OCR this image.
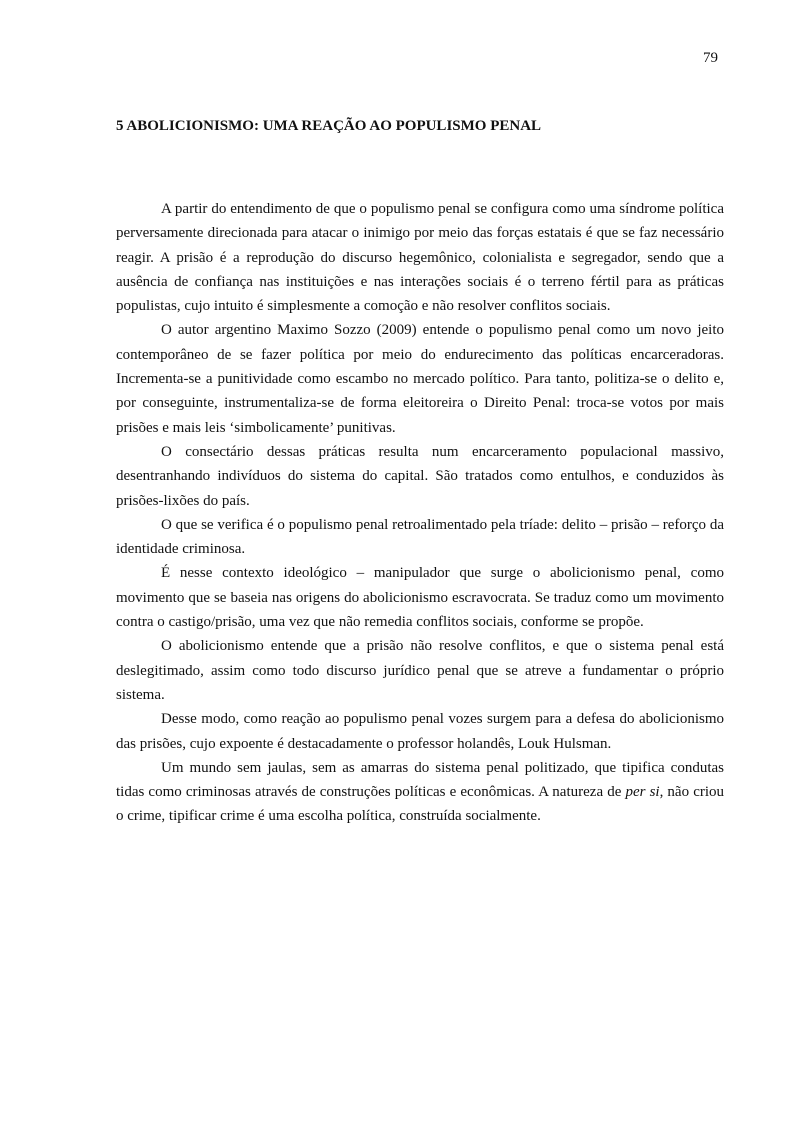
79
5 ABOLICIONISMO: UMA REAÇÃO AO POPULISMO PENAL

A partir do entendimento de que o populismo penal se configura como uma síndrome política perversamente direcionada para atacar o inimigo por meio das forças estatais é que se faz necessário reagir. A prisão é a reprodução do discurso hegemônico, colonialista e segregador, sendo que a ausência de confiança nas instituições e nas interações sociais é o terreno fértil para as práticas populistas, cujo intuito é simplesmente a comoção e não resolver conflitos sociais.

O autor argentino Maximo Sozzo (2009) entende o populismo penal como um novo jeito contemporâneo de se fazer política por meio do endurecimento das políticas encarceradoras. Incrementa-se a punitividade como escambo no mercado político. Para tanto, politiza-se o delito e, por conseguinte, instrumentaliza-se de forma eleitoreira o Direito Penal: troca-se votos por mais prisões e mais leis ‘simbolicamente’ punitivas.

O consectário dessas práticas resulta num encarceramento populacional massivo, desentranhando indivíduos do sistema do capital. São tratados como entulhos, e conduzidos às prisões-lixões do país.

O que se verifica é o populismo penal retroalimentado pela tríade: delito – prisão – reforço da identidade criminosa.

É nesse contexto ideológico – manipulador que surge o abolicionismo penal, como movimento que se baseia nas origens do abolicionismo escravocrata. Se traduz como um movimento contra o castigo/prisão, uma vez que não remedia conflitos sociais, conforme se propõe.

O abolicionismo entende que a prisão não resolve conflitos, e que o sistema penal está deslegitimado, assim como todo discurso jurídico penal que se atreve a fundamentar o próprio sistema.

Desse modo, como reação ao populismo penal vozes surgem para a defesa do abolicionismo das prisões, cujo expoente é destacadamente o professor holandês, Louk Hulsman.

Um mundo sem jaulas, sem as amarras do sistema penal politizado, que tipifica condutas tidas como criminosas através de construções políticas e econômicas. A natureza de per si, não criou o crime, tipificar crime é uma escolha política, construída socialmente.
